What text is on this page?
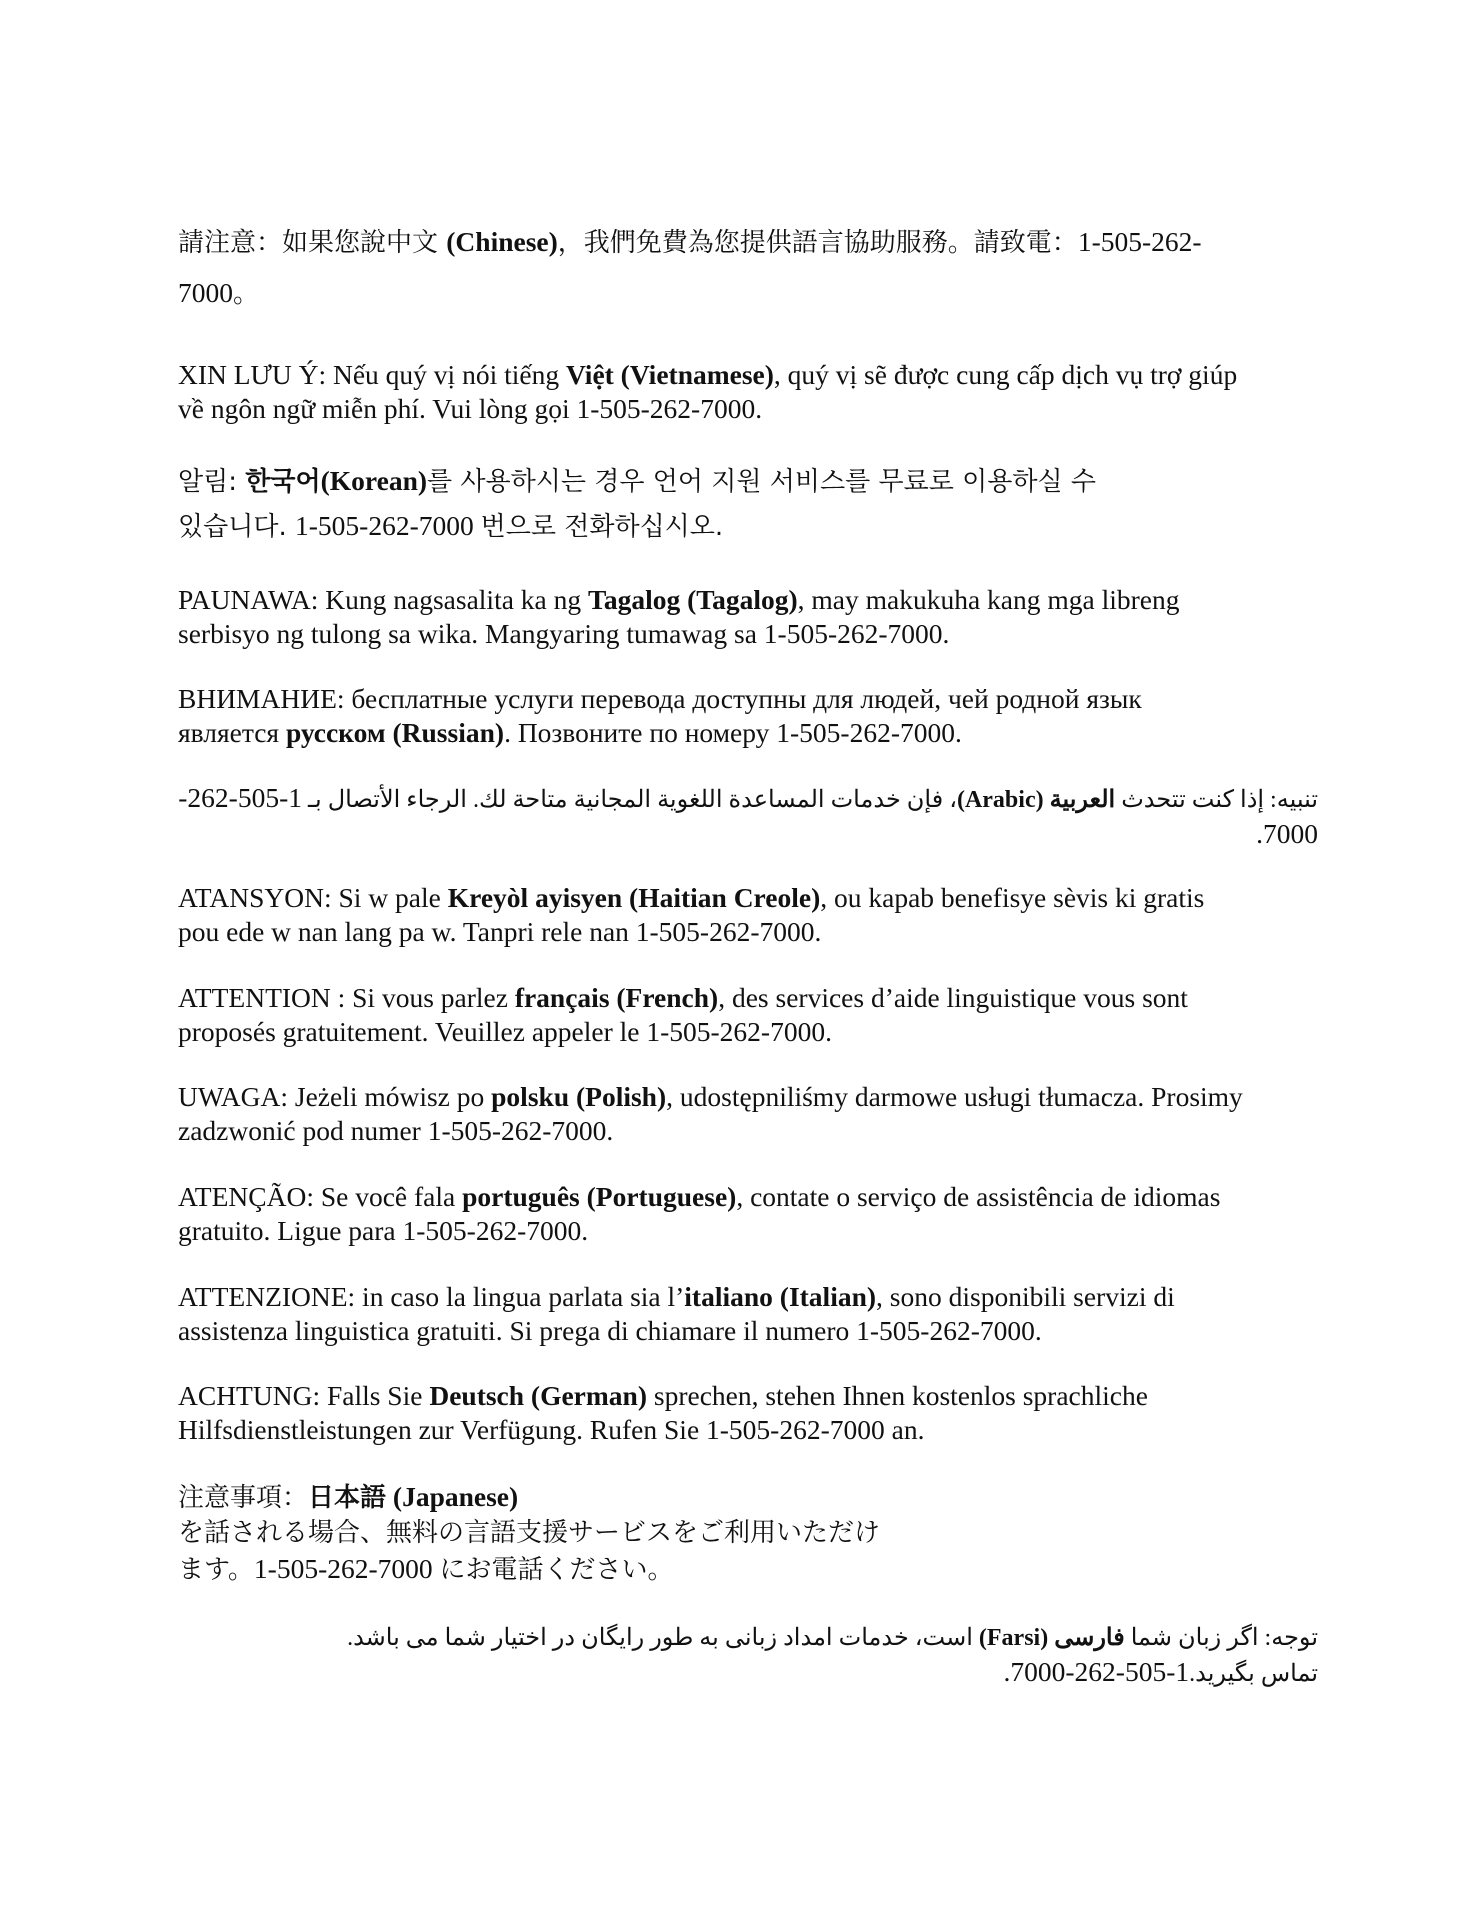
請注意：如果您說中文 (Chinese)，我們免費為您提供語言協助服務。請致電：1-505-262-
7000。
XIN LƯU Ý: Nếu quý vị nói tiếng Việt (Vietnamese), quý vị sẽ được cung cấp dịch vụ trợ giúp
về ngôn ngữ miễn phí. Vui lòng gọi 1-505-262-7000.
알림: 한국어(Korean)를 사용하시는 경우 언어 지원 서비스를 무료로 이용하실 수
있습니다. 1-505-262-7000 번으로 전화하십시오.
PAUNAWA: Kung nagsasalita ka ng Tagalog (Tagalog), may makukuha kang mga libreng
serbisyo ng tulong sa wika. Mangyaring tumawag sa 1-505-262-7000.
ВНИМАНИЕ: бесплатные услуги перевода доступны для людей, чей родной язык
является русском (Russian). Позвоните по номеру 1-505-262-7000.
تنبيه: إذا كنت تتحدث العربية (Arabic)، فإن خدمات المساعدة اللغوية المجانية متاحة لك. الرجاء الأتصال بـ 1-505-262-
7000.
ATANSYON: Si w pale Kreyòl ayisyen (Haitian Creole), ou kapab benefisye sèvis ki gratis
pou ede w nan lang pa w. Tanpri rele nan 1-505-262-7000.
ATTENTION : Si vous parlez français (French), des services d’aide linguistique vous sont
proposés gratuitement. Veuillez appeler le 1-505-262-7000.
UWAGA: Jeżeli mówisz po polsku (Polish), udostępniliśmy darmowe usługi tłumacza. Prosimy
zadzwonić pod numer 1-505-262-7000.
ATENÇÃO: Se você fala português (Portuguese), contate o serviço de assistência de idiomas
gratuito. Ligue para 1-505-262-7000.
ATTENZIONE: in caso la lingua parlata sia l’italiano (Italian), sono disponibili servizi di
assistenza linguistica gratuiti. Si prega di chiamare il numero 1-505-262-7000.
ACHTUNG: Falls Sie Deutsch (German) sprechen, stehen Ihnen kostenlos sprachliche
Hilfsdienstleistungen zur Verfügung. Rufen Sie 1-505-262-7000 an.
注意事項：日本語 (Japanese)
を話される場合、無料の言語支援サービスをご利用いただけ
ます。1-505-262-7000 にお電話ください。
توجه: اگر زبان شما فارسی (Farsi) است، خدمات امداد زبانی به طور رایگان در اختیار شما می باشد.
تماس بگيريد.1-505-262-7000.
